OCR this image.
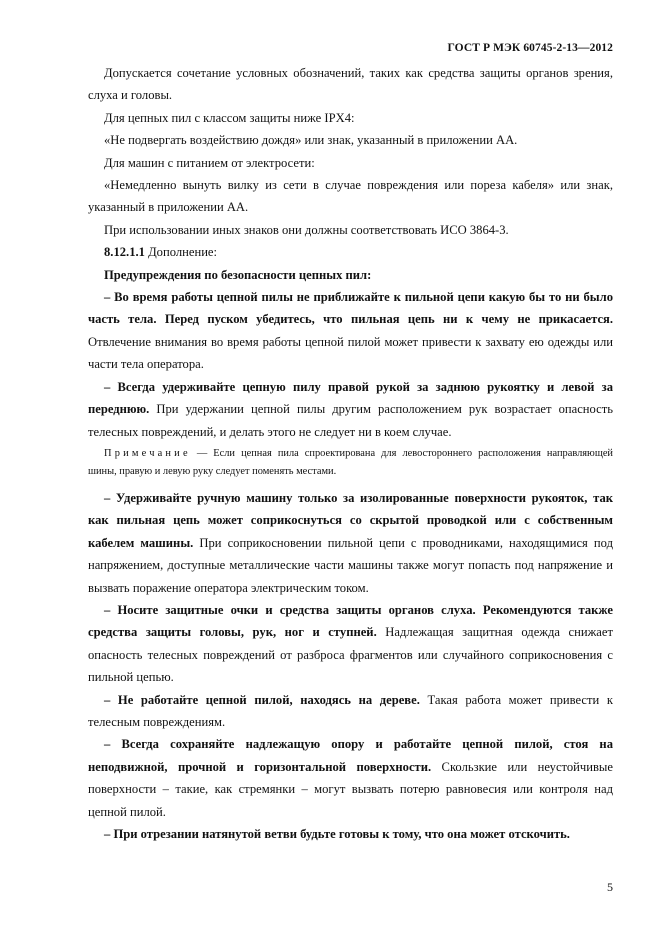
ГОСТ Р МЭК 60745-2-13—2012

Допускается сочетание условных обозначений, таких как средства защиты органов зрения, слуха и головы.

Для цепных пил с классом защиты ниже IPX4:

«Не подвергать воздействию дождя» или знак, указанный в приложении АА.

Для машин с питанием от электросети:

«Немедленно вынуть вилку из сети в случае повреждения или пореза кабеля» или знак, указанный в приложении АА.

При использовании иных знаков они должны соответствовать ИСО 3864-3.

8.12.1.1 Дополнение:

Предупреждения по безопасности цепных пил:

– Во время работы цепной пилы не приближайте к пильной цепи какую бы то ни было часть тела. Перед пуском убедитесь, что пильная цепь ни к чему не прикасается. Отвлечение внимания во время работы цепной пилой может привести к захвату ею одежды или части тела оператора.

– Всегда удерживайте цепную пилу правой рукой за заднюю рукоятку и левой за переднюю. При удержании цепной пилы другим расположением рук возрастает опасность телесных повреждений, и делать этого не следует ни в коем случае.

Примечание — Если цепная пила спроектирована для левостороннего расположения направляющей шины, правую и левую руку следует поменять местами.

– Удерживайте ручную машину только за изолированные поверхности рукояток, так как пильная цепь может соприкоснуться со скрытой проводкой или с собственным кабелем машины. При соприкосновении пильной цепи с проводниками, находящимися под напряжением, доступные металлические части машины также могут попасть под напряжение и вызвать поражение оператора электрическим током.

– Носите защитные очки и средства защиты органов слуха. Рекомендуются также средства защиты головы, рук, ног и ступней. Надлежащая защитная одежда снижает опасность телесных повреждений от разброса фрагментов или случайного соприкосновения с пильной цепью.

– Не работайте цепной пилой, находясь на дереве. Такая работа может привести к телесным повреждениям.

– Всегда сохраняйте надлежащую опору и работайте цепной пилой, стоя на неподвижной, прочной и горизонтальной поверхности. Скользкие или неустойчивые поверхности – такие, как стремянки – могут вызвать потерю равновесия или контроля над цепной пилой.

– При отрезании натянутой ветви будьте готовы к тому, что она может отскочить.

5
